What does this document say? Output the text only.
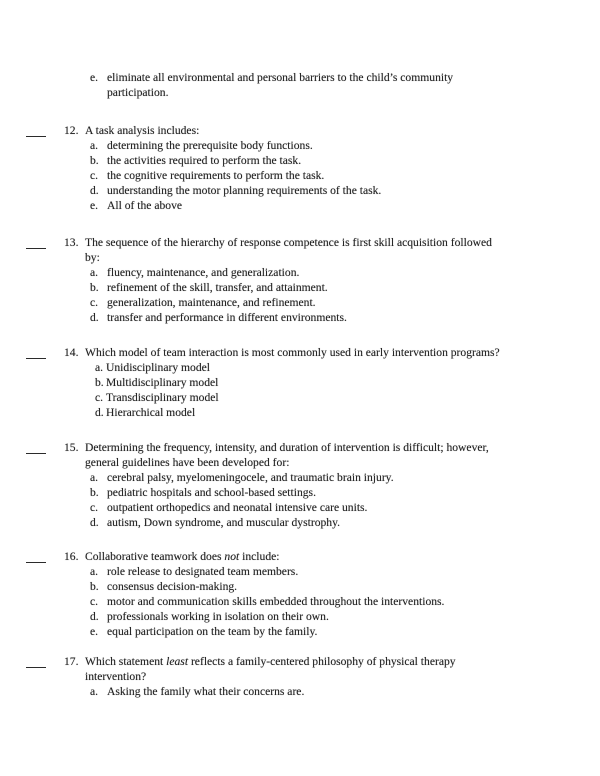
e. eliminate all environmental and personal barriers to the child’s community
participation.
12. A task analysis includes:
a. determining the prerequisite body functions.
b. the activities required to perform the task.
c. the cognitive requirements to perform the task.
d. understanding the motor planning requirements of the task.
e. All of the above
13. The sequence of the hierarchy of response competence is first skill acquisition followed
by:
a. fluency, maintenance, and generalization.
b. refinement of the skill, transfer, and attainment.
c. generalization, maintenance, and refinement.
d. transfer and performance in different environments.
14. Which model of team interaction is most commonly used in early intervention programs?
a. Unidisciplinary model
b. Multidisciplinary model
c. Transdisciplinary model
d. Hierarchical model
15. Determining the frequency, intensity, and duration of intervention is difficult; however,
general guidelines have been developed for:
a. cerebral palsy, myelomeningocele, and traumatic brain injury.
b. pediatric hospitals and school-based settings.
c. outpatient orthopedics and neonatal intensive care units.
d. autism, Down syndrome, and muscular dystrophy.
16. Collaborative teamwork does not include:
a. role release to designated team members.
b. consensus decision-making.
c. motor and communication skills embedded throughout the interventions.
d. professionals working in isolation on their own.
e. equal participation on the team by the family.
17. Which statement least reflects a family-centered philosophy of physical therapy
intervention?
a. Asking the family what their concerns are.
